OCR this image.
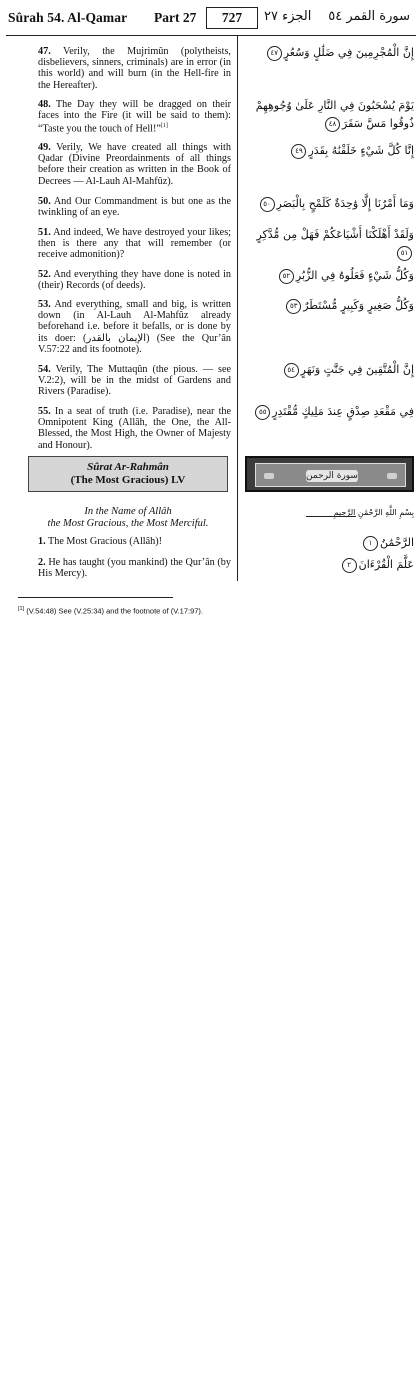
Sûrah 54. Al-Qamar Part 27	727	الجزء ٢٧ سورة القمر ٥٤
47. Verily, the Mujrimûn (polytheists, disbelievers, sinners, criminals) are in error (in this world) and will burn (in the Hell-fire in the Hereafter).
48. The Day they will be dragged on their faces into the Fire (it will be said to them): “Taste you the touch of Hell!”[1]
49. Verily, We have created all things with Qadar (Divine Preordainments of all things before their creation as written in the Book of Decrees — Al-Lauh Al-Mahfûz).
50. And Our Commandment is but one as the twinkling of an eye.
51. And indeed, We have destroyed your likes; then is there any that will remember (or receive admonition)?
52. And everything they have done is noted in (their) Records (of deeds).
53. And everything, small and big, is written down (in Al-Lauh Al-Mahfûz already beforehand i.e. before it befalls, or is done by its doer: (الإيمان بالقدر) (See the Qur’ân V.57:22 and its footnote).
54. Verily, The Muttaqûn (the pious. — see V.2:2), will be in the midst of Gardens and Rivers (Paradise).
55. In a seat of truth (i.e. Paradise), near the Omnipotent King (Allâh, the One, the All-Blessed, the Most High, the Owner of Majesty and Honour).
إِنَّ الْمُجْرِمِينَ فِي ضَلَٰلٍ وَسُعُرٍ٤٧
يَوْمَ يُسْحَبُونَ فِي النَّارِ عَلَىٰ وُجُوهِهِمْ ذُوقُوا مَسَّ سَقَرَ٤٨
إِنَّا كُلَّ شَيْءٍ خَلَقْنَٰهُ بِقَدَرٍ٤٩
وَمَا أَمْرُنَا إِلَّا وَٰحِدَةٌ كَلَمْحٍ بِالْبَصَرِ٥٠
وَلَقَدْ أَهْلَكْنَا أَشْيَاعَكُمْ فَهَلْ مِن مُّدَّكِرٍ٥١
وَكُلُّ شَيْءٍ فَعَلُوهُ فِي الزُّبُرِ٥٢
وَكُلُّ صَغِيرٍ وَكَبِيرٍ مُّسْتَطَرٌ٥٣
إِنَّ الْمُتَّقِينَ فِي جَنَّٰتٍ وَنَهَرٍ٥٤
فِي مَقْعَدِ صِدْقٍ عِندَ مَلِيكٍ مُّقْتَدِرٍ٥٥
Sûrat Ar-Rahmân
(The Most Gracious) LV	سورة الرحمن
In the Name of Allâh
the Most Gracious, the Most Merciful.
بِسْمِ اللَّهِ الرَّحْمَٰنِ الرَّحِيمِ
1. The Most Gracious (Allâh)!
2. He has taught (you mankind) the Qur’ân (by His Mercy).
الرَّحْمَٰنُ١
عَلَّمَ الْقُرْءَانَ٢
[1] (V.54:48) See (V.25:34) and the footnote of (V.17:97).
